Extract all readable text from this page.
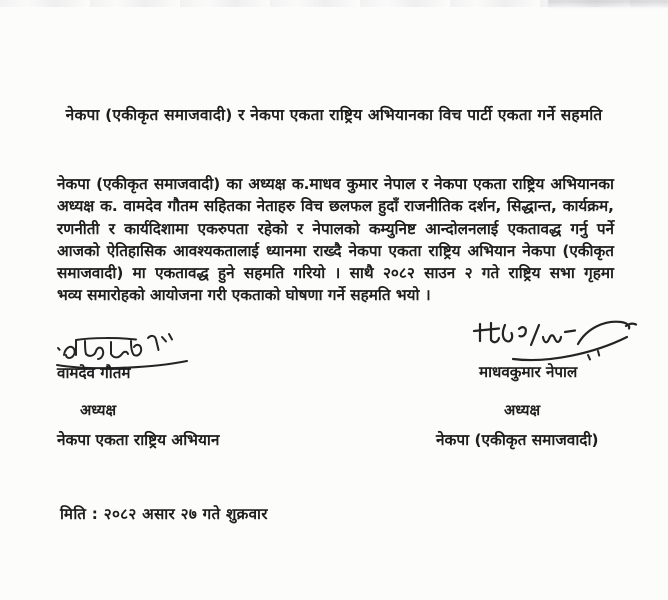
नेकपा (एकीकृत समाजवादी) र नेकपा एकता राष्ट्रिय अभियानका विच पार्टी एकता गर्ने सहमति
नेकपा (एकीकृत समाजवादी) का अध्यक्ष क.माधव कुमार नेपाल र नेकपा एकता राष्ट्रिय अभियानका
अध्यक्ष क. वामदेव गौतम सहितका नेताहरु विच छलफल हुदाँ राजनीतिक दर्शन, सिद्धान्त, कार्यक्रम,
रणनीती र कार्यदिशामा एकरुपता रहेको र नेपालको कम्युनिष्ट आन्दोलनलाई एकतावद्ध गर्नु पर्ने
आजको ऐतिहासिक आवश्यकतालाई ध्यानमा राख्दै नेकपा एकता राष्ट्रिय अभियान नेकपा (एकीकृत
समाजवादी) मा एकतावद्ध हुने सहमति गरियो । साथै २०८२ साउन २ गते राष्ट्रिय सभा गृहमा
भव्य समारोहको आयोजना गरी एकताको घोषणा गर्ने सहमति भयो ।
वामदेव गौतम
अध्यक्ष
नेकपा एकता राष्ट्रिय अभियान
माधवकुमार नेपाल
अध्यक्ष
नेकपा (एकीकृत समाजवादी)
मिति : २०८२ असार २७ गते शुक्रवार
